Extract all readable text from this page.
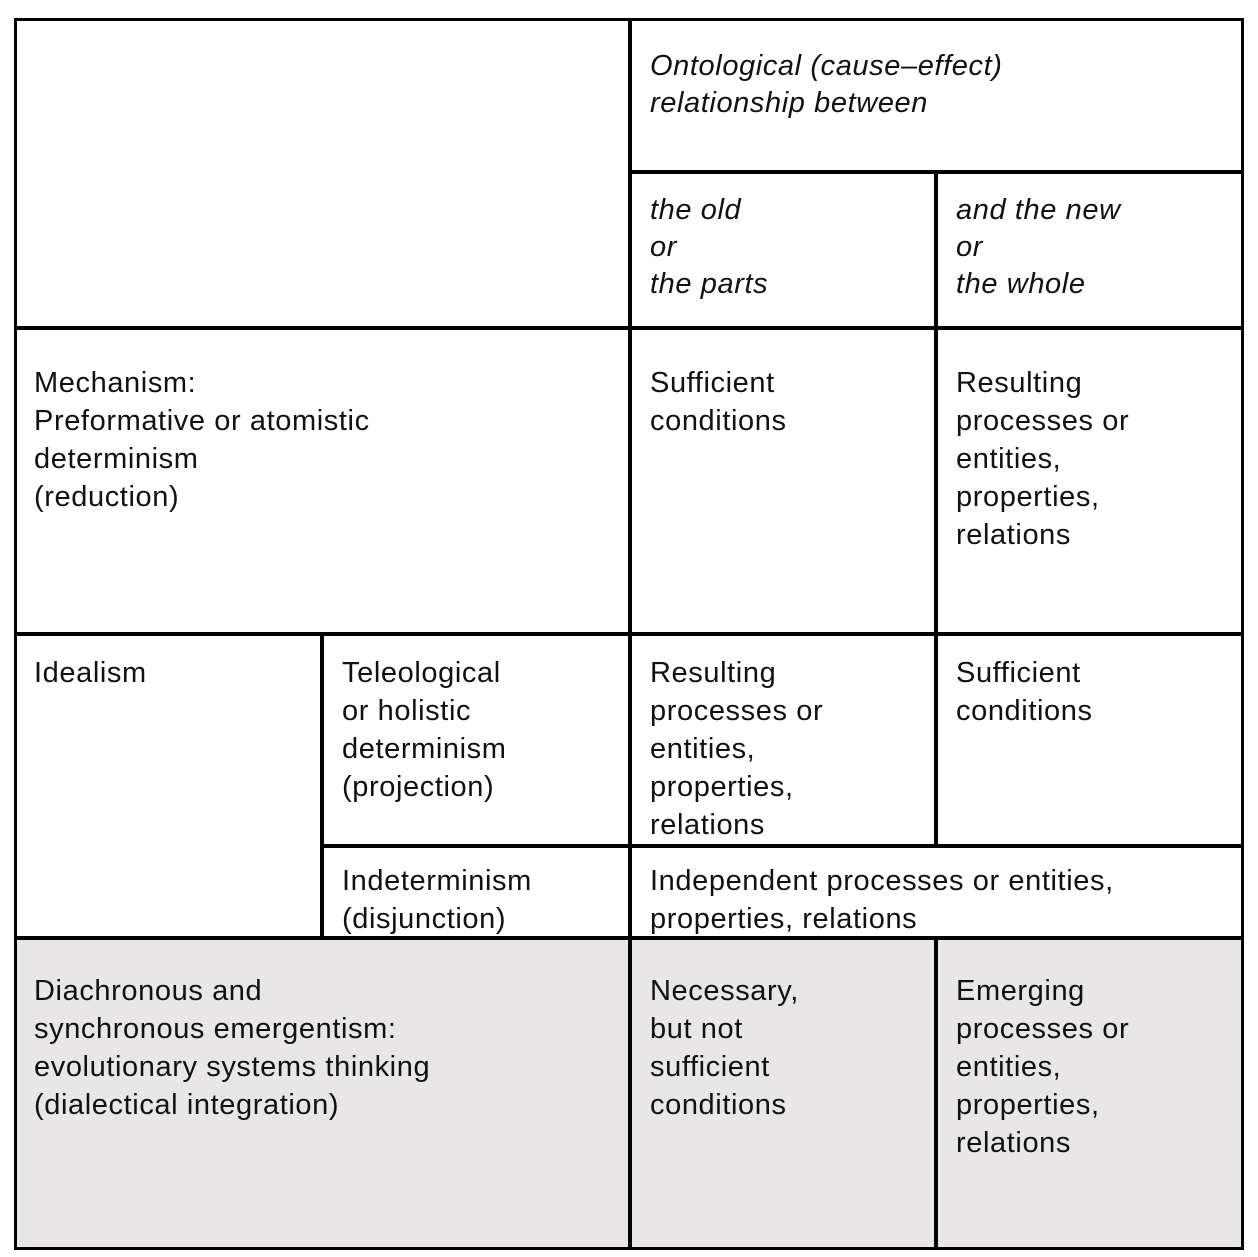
Ontological (cause–effect)
relationship between
the old
or
the parts
and the new
or
the whole
Mechanism:
Preformative or atomistic
determinism
(reduction)
Sufficient
conditions
Resulting
processes or
entities,
properties,
relations
Idealism	Teleological
or holistic
determinism
(projection)
Resulting
processes or
entities,
properties,
relations
Sufficient
conditions
Indeterminism
(disjunction)
Independent processes or entities,
properties, relations
Diachronous and
synchronous emergentism:
evolutionary systems thinking
(dialectical integration)
Necessary,
but not
sufficient
conditions
Emerging
processes or
entities,
properties,
relations
